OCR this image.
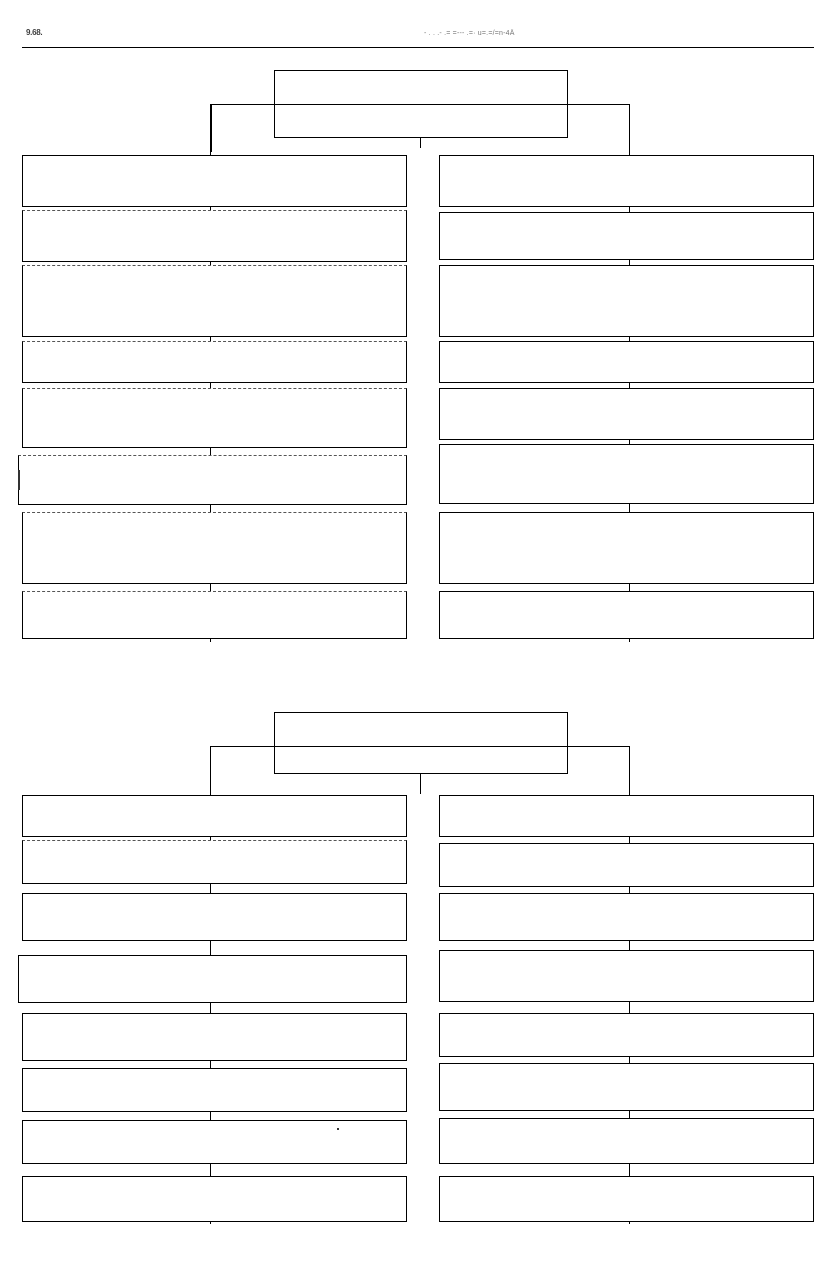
9.68.	- . . .- .= =--- .=· u=.=/=n-4Ä
